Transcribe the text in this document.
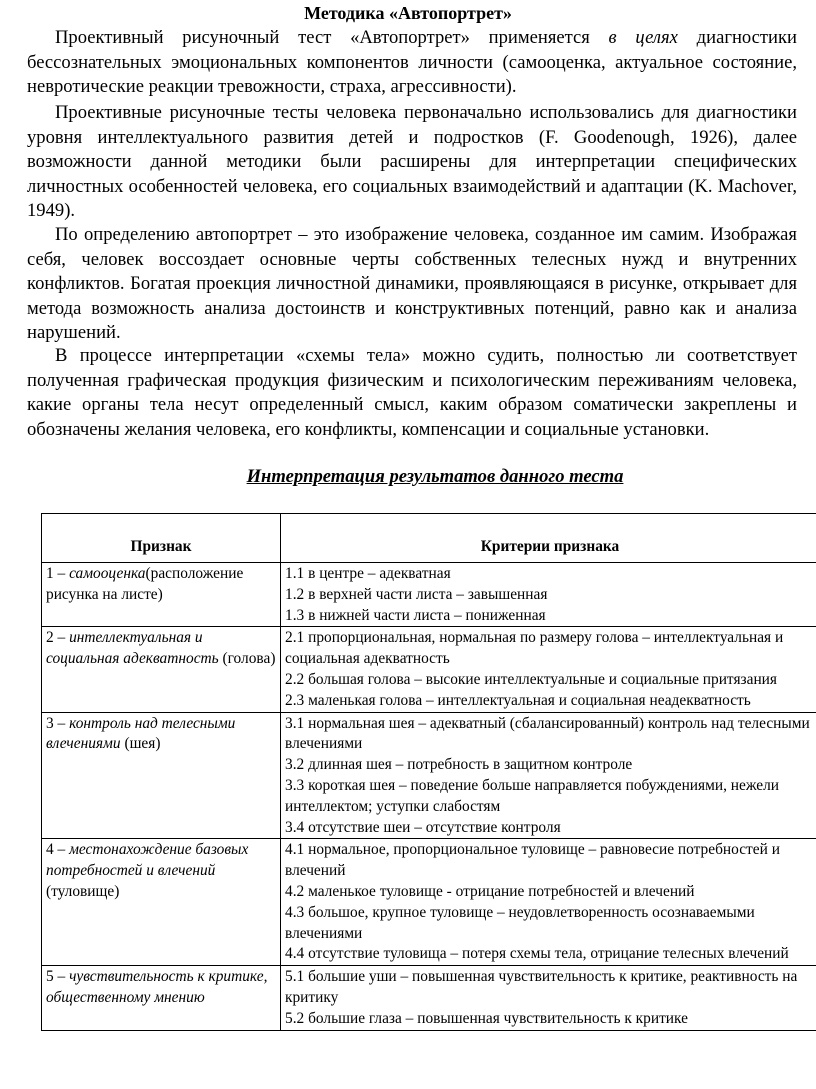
Методика «Автопортрет»

Проективный рисуночный тест «Автопортрет» применяется в целях диагностики бессознательных эмоциональных компонентов личности (самооценка, актуальное состояние, невротические реакции тревожности, страха, агрессивности).

Проективные рисуночные тесты человека первоначально использовались для диагностики уровня интеллектуального развития детей и подростков (F. Goodenough, 1926), далее возможности данной методики были расширены для интерпретации специфических личностных особенностей человека, его социальных взаимодействий и адаптации (K. Machover, 1949).

По определению автопортрет – это изображение человека, созданное им самим. Изображая себя, человек воссоздает основные черты собственных телесных нужд и внутренних конфликтов. Богатая проекция личностной динамики, проявляющаяся в рисунке, открывает для метода возможность анализа достоинств и конструктивных потенций, равно как и анализа нарушений.

В процессе интерпретации «схемы тела» можно судить, полностью ли соответствует полученная графическая продукция физическим и психологическим переживаниям человека, какие органы тела несут определенный смысл, каким образом соматически закреплены и обозначены желания человека, его конфликты, компенсации и социальные установки.

Интерпретация результатов данного теста

Признак	Критерии признака
1 – самооценка(расположение рисунка на листе)	1.1 в центре – адекватная
1.2 в верхней части листа – завышенная
1.3 в нижней части листа – пониженная

2 – интеллектуальная и социальная адекватность (голова)	2.1 пропорциональная, нормальная по размеру голова – интеллектуальная и социальная адекватность
2.2 большая голова – высокие интеллектуальные и социальные притязания
2.3 маленькая голова – интеллектуальная и социальная неадекватность

3 – контроль над телесными влечениями (шея)	3.1 нормальная шея – адекватный (сбалансированный) контроль над телесными влечениями
3.2 длинная шея – потребность в защитном контроле
3.3 короткая шея – поведение больше направляется побуждениями, нежели интеллектом; уступки слабостям
3.4 отсутствие шеи – отсутствие контроля

4 – местонахождение базовых потребностей и влечений (туловище)	4.1 нормальное, пропорциональное туловище – равновесие потребностей и влечений
4.2 маленькое туловище - отрицание потребностей и влечений
4.3 большое, крупное туловище – неудовлетворенность осознаваемыми влечениями
4.4 отсутствие туловища – потеря схемы тела, отрицание телесных влечений

5 – чувствительность к критике, общественному мнению	5.1 большие уши – повышенная чувствительность к критике, реактивность на критику
5.2 большие глаза – повышенная чувствительность к критике
